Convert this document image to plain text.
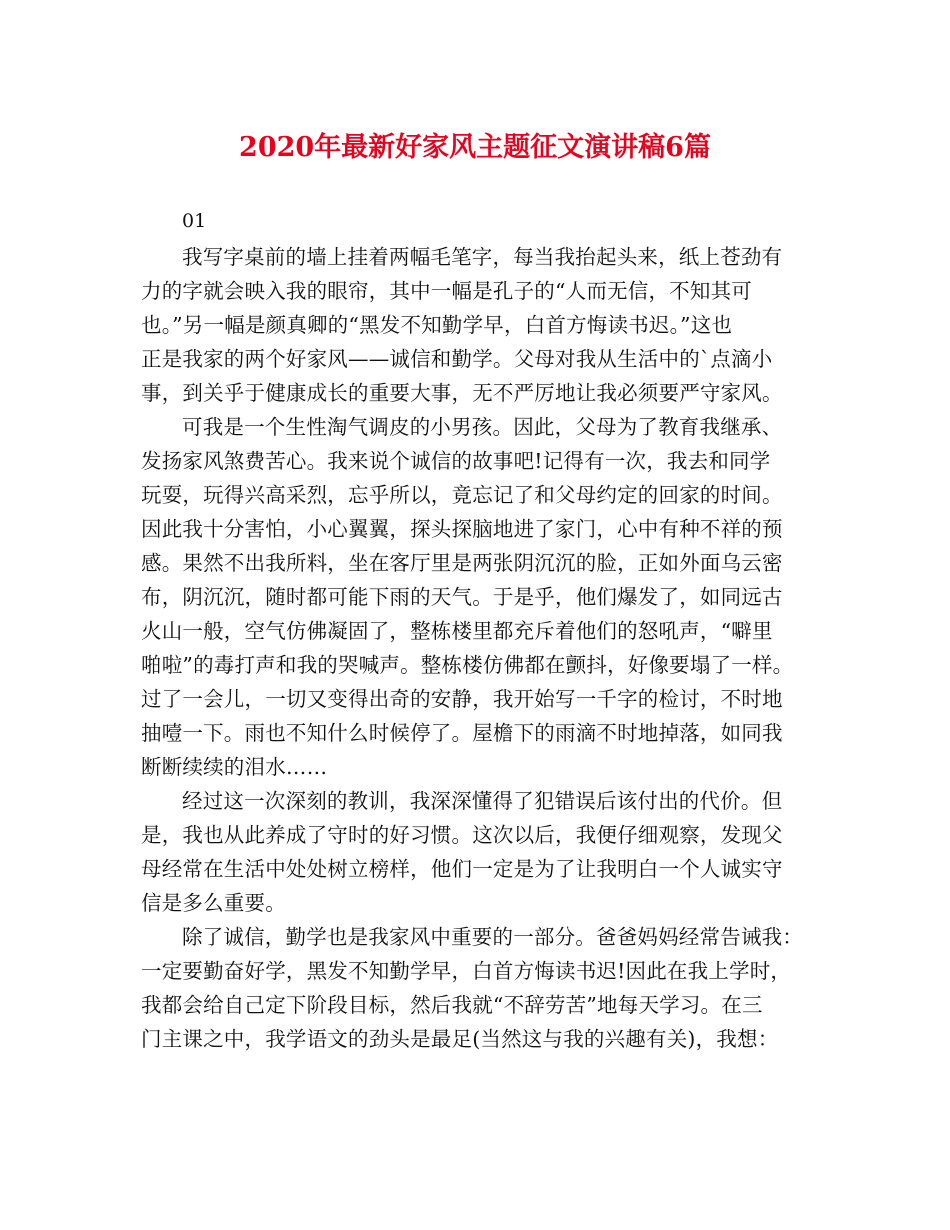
2020年最新好家风主题征文演讲稿6篇

01

我写字桌前的墙上挂着两幅毛笔字，每当我抬起头来，纸上苍劲有
力的字就会映入我的眼帘，其中一幅是孔子的“人而无信，不知其可
也。”另一幅是颜真卿的“黑发不知勤学早，白首方悔读书迟。”这也
正是我家的两个好家风——诚信和勤学。父母对我从生活中的`点滴小
事，到关乎于健康成长的重要大事，无不严厉地让我必须要严守家风。
可我是一个生性淘气调皮的小男孩。因此，父母为了教育我继承、
发扬家风煞费苦心。我来说个诚信的故事吧!记得有一次，我去和同学
玩耍，玩得兴高采烈，忘乎所以，竟忘记了和父母约定的回家的时间。
因此我十分害怕，小心翼翼，探头探脑地进了家门，心中有种不祥的预
感。果然不出我所料，坐在客厅里是两张阴沉沉的脸，正如外面乌云密
布，阴沉沉，随时都可能下雨的天气。于是乎，他们爆发了，如同远古
火山一般，空气仿佛凝固了，整栋楼里都充斥着他们的怒吼声，“噼里
啪啦”的毒打声和我的哭喊声。整栋楼仿佛都在颤抖，好像要塌了一样。
过了一会儿，一切又变得出奇的安静，我开始写一千字的检讨，不时地
抽噎一下。雨也不知什么时候停了。屋檐下的雨滴不时地掉落，如同我
断断续续的泪水……
经过这一次深刻的教训，我深深懂得了犯错误后该付出的代价。但
是，我也从此养成了守时的好习惯。这次以后，我便仔细观察，发现父
母经常在生活中处处树立榜样，他们一定是为了让我明白一个人诚实守
信是多么重要。
除了诚信，勤学也是我家风中重要的一部分。爸爸妈妈经常告诫我：
一定要勤奋好学，黑发不知勤学早，白首方悔读书迟!因此在我上学时，
我都会给自己定下阶段目标，然后我就“不辞劳苦”地每天学习。在三
门主课之中，我学语文的劲头是最足(当然这与我的兴趣有关)，我想：
